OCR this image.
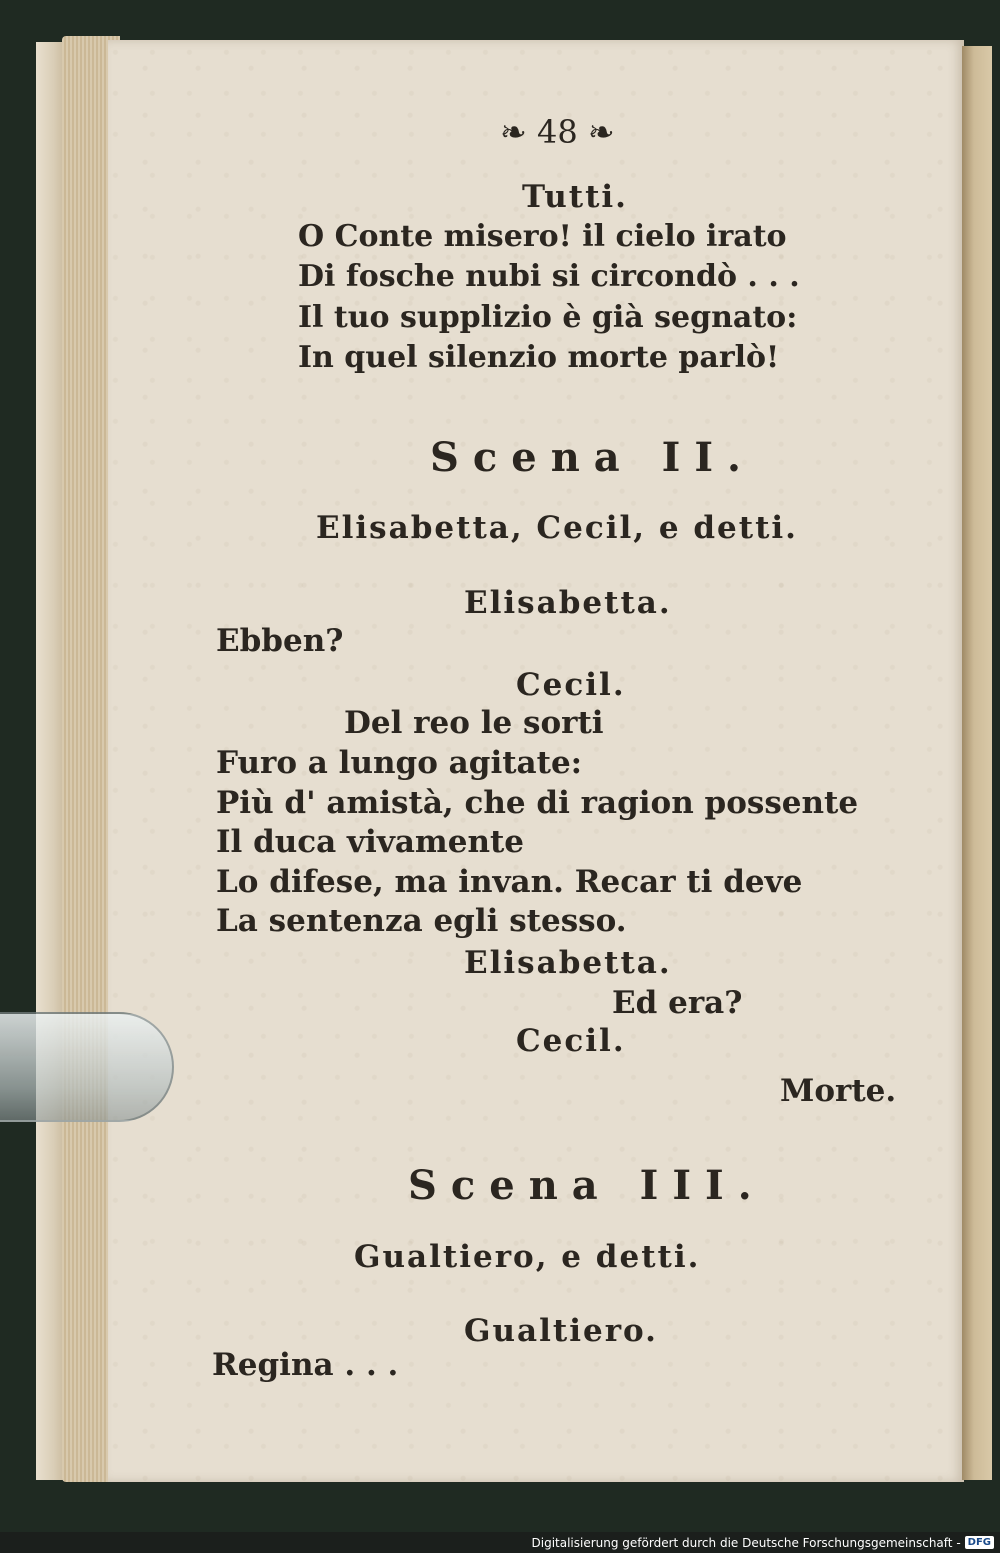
❧ 48 ❧
Tutti.
O Conte misero! il cielo irato
Di fosche nubi si circondò . . .
Il tuo supplizio è già segnato:
In quel silenzio morte parlò!
Scena II.
Elisabetta, Cecil, e detti.
Elisabetta.
Ebben?
Cecil.
Del reo le sorti
Furo a lungo agitate:
Più d' amistà, che di ragion possente
Il duca vivamente
Lo difese, ma invan. Recar ti deve
La sentenza egli stesso.
Elisabetta.
Ed era?
Cecil.
Morte.
Scena III.
Gualtiero, e detti.
Gualtiero.
Regina . . .
Digitalisierung gefördert durch die Deutsche Forschungsgemeinschaft - DFG
